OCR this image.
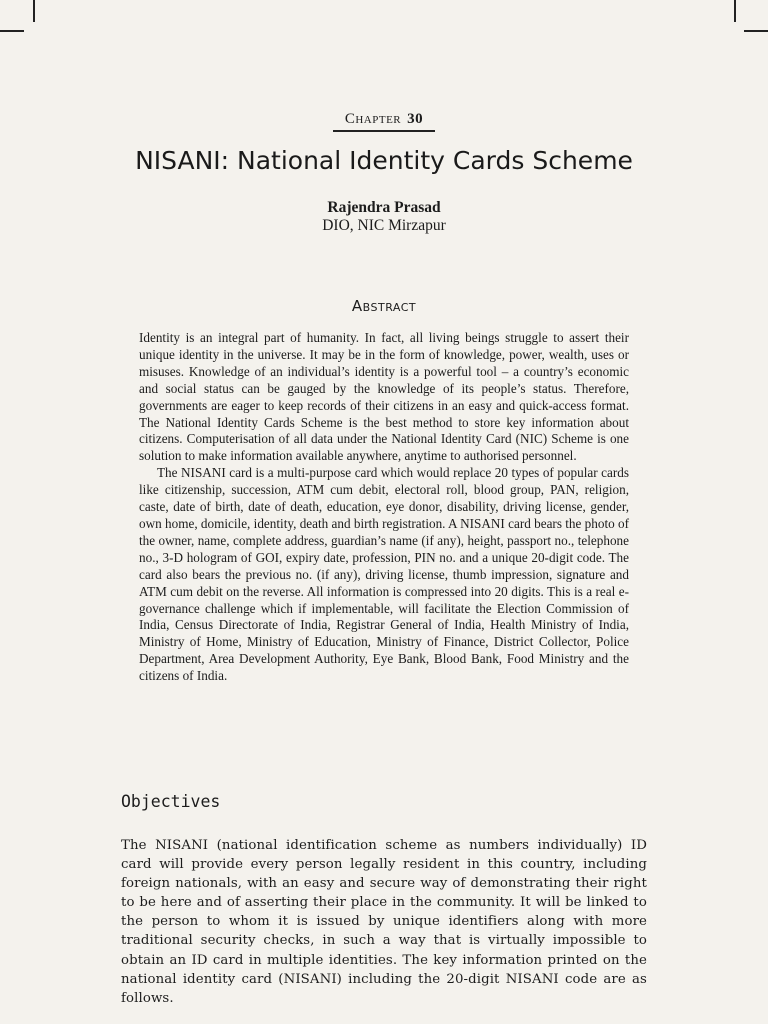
Chapter 30
NISANI: National Identity Cards Scheme
Rajendra Prasad
DIO, NIC Mirzapur
Abstract

Identity is an integral part of humanity. In fact, all living beings struggle to assert their unique identity in the universe. It may be in the form of knowledge, power, wealth, uses or misuses. Knowledge of an individual’s identity is a powerful tool – a country’s economic and social status can be gauged by the knowledge of its people’s status. Therefore, governments are eager to keep records of their citizens in an easy and quick-access format. The National Identity Cards Scheme is the best method to store key information about citizens. Computerisation of all data under the National Identity Card (NIC) Scheme is one solution to make information available anywhere, anytime to authorised personnel.

The NISANI card is a multi-purpose card which would replace 20 types of popular cards like citizenship, succession, ATM cum debit, electoral roll, blood group, PAN, religion, caste, date of birth, date of death, education, eye donor, disability, driving license, gender, own home, domicile, identity, death and birth registration. A NISANI card bears the photo of the owner, name, complete address, guardian’s name (if any), height, passport no., telephone no., 3-D hologram of GOI, expiry date, profession, PIN no. and a unique 20-digit code. The card also bears the previous no. (if any), driving license, thumb impression, signature and ATM cum debit on the reverse. All information is compressed into 20 digits. This is a real e-governance challenge which if implementable, will facilitate the Election Commission of India, Census Directorate of India, Registrar General of India, Health Ministry of India, Ministry of Home, Ministry of Education, Ministry of Finance, District Collector, Police Department, Area Development Authority, Eye Bank, Blood Bank, Food Ministry and the citizens of India.

Objectives

The NISANI (national identification scheme as numbers individually) ID card will provide every person legally resident in this country, including foreign nationals, with an easy and secure way of demonstrating their right to be here and of asserting their place in the community. It will be linked to the person to whom it is issued by unique identifiers along with more traditional security checks, in such a way that is virtually impossible to obtain an ID card in multiple identities. The key information printed on the national identity card (NISANI) including the 20-digit NISANI code are as follows.
